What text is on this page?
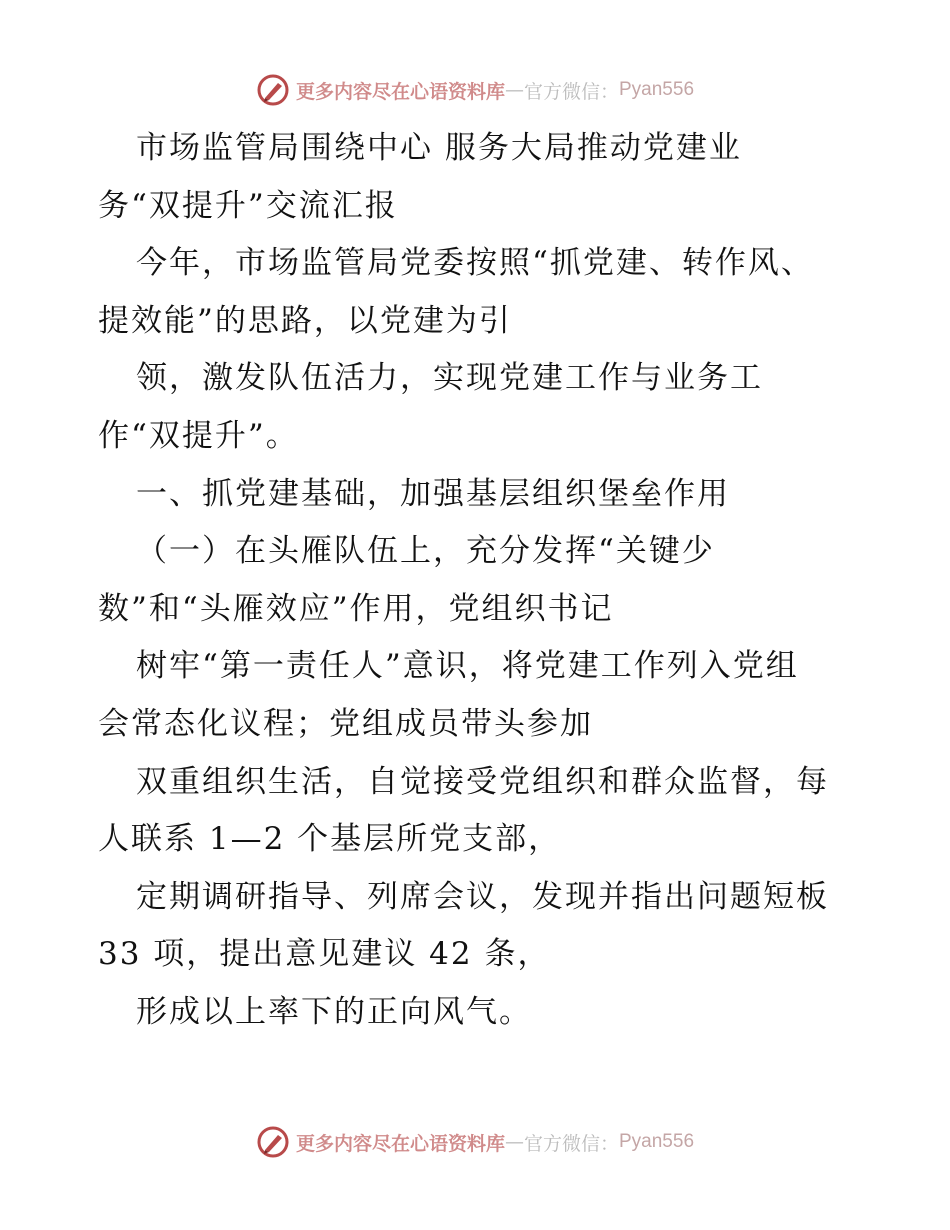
更多内容尽在心语资料库 — 官方微信： Pyan556
市场监管局围绕中心 服务大局推动党建业
务“双提升”交流汇报
今年，市场监管局党委按照“抓党建、转作风、
提效能”的思路，以党建为引
领，激发队伍活力，实现党建工作与业务工
作“双提升”。
一、抓党建基础，加强基层组织堡垒作用
（一）在头雁队伍上，充分发挥“关键少
数”和“头雁效应”作用，党组织书记
树牢“第一责任人”意识，将党建工作列入党组
会常态化议程；党组成员带头参加
双重组织生活，自觉接受党组织和群众监督，每
人联系 1—2 个基层所党支部，
定期调研指导、列席会议，发现并指出问题短板
33 项，提出意见建议 42 条，
形成以上率下的正向风气。
更多内容尽在心语资料库 — 官方微信： Pyan556
